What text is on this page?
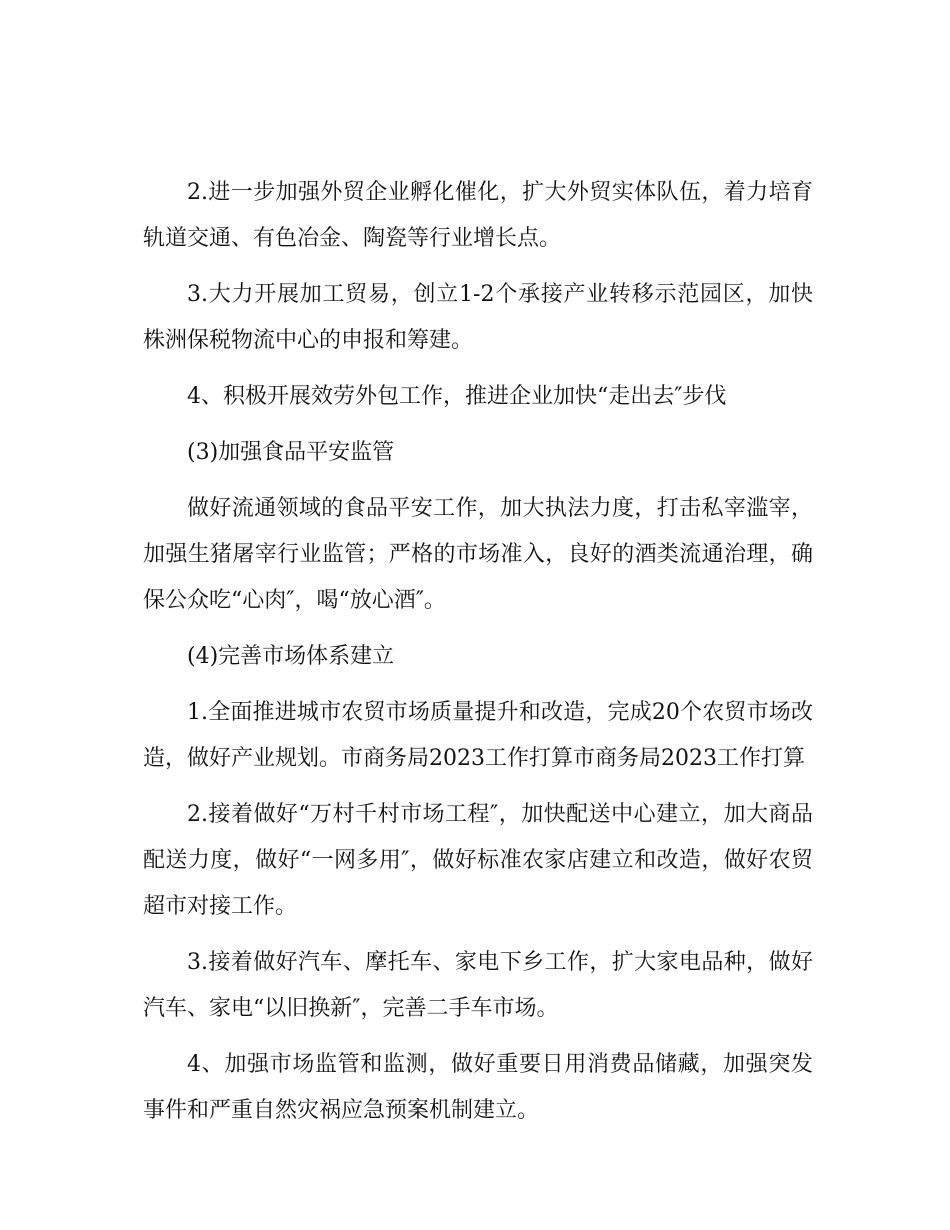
2.进一步加强外贸企业孵化催化，扩大外贸实体队伍，着力培育轨道交通、有色冶金、陶瓷等行业增长点。

3.大力开展加工贸易，创立1-2个承接产业转移示范园区，加快株洲保税物流中心的申报和筹建。

4、积极开展效劳外包工作，推进企业加快“走出去″步伐

(3)加强食品平安监管

做好流通领域的食品平安工作，加大执法力度，打击私宰滥宰，加强生猪屠宰行业监管；严格的市场准入，良好的酒类流通治理，确保公众吃“心肉″，喝“放心酒″。

(4)完善市场体系建立

1.全面推进城市农贸市场质量提升和改造，完成20个农贸市场改造，做好产业规划。市商务局2023工作打算市商务局2023工作打算

2.接着做好“万村千村市场工程″，加快配送中心建立，加大商品配送力度，做好“一网多用″，做好标准农家店建立和改造，做好农贸超市对接工作。

3.接着做好汽车、摩托车、家电下乡工作，扩大家电品种，做好汽车、家电“以旧换新″，完善二手车市场。

4、加强市场监管和监测，做好重要日用消费品储藏，加强突发事件和严重自然灾祸应急预案机制建立。
